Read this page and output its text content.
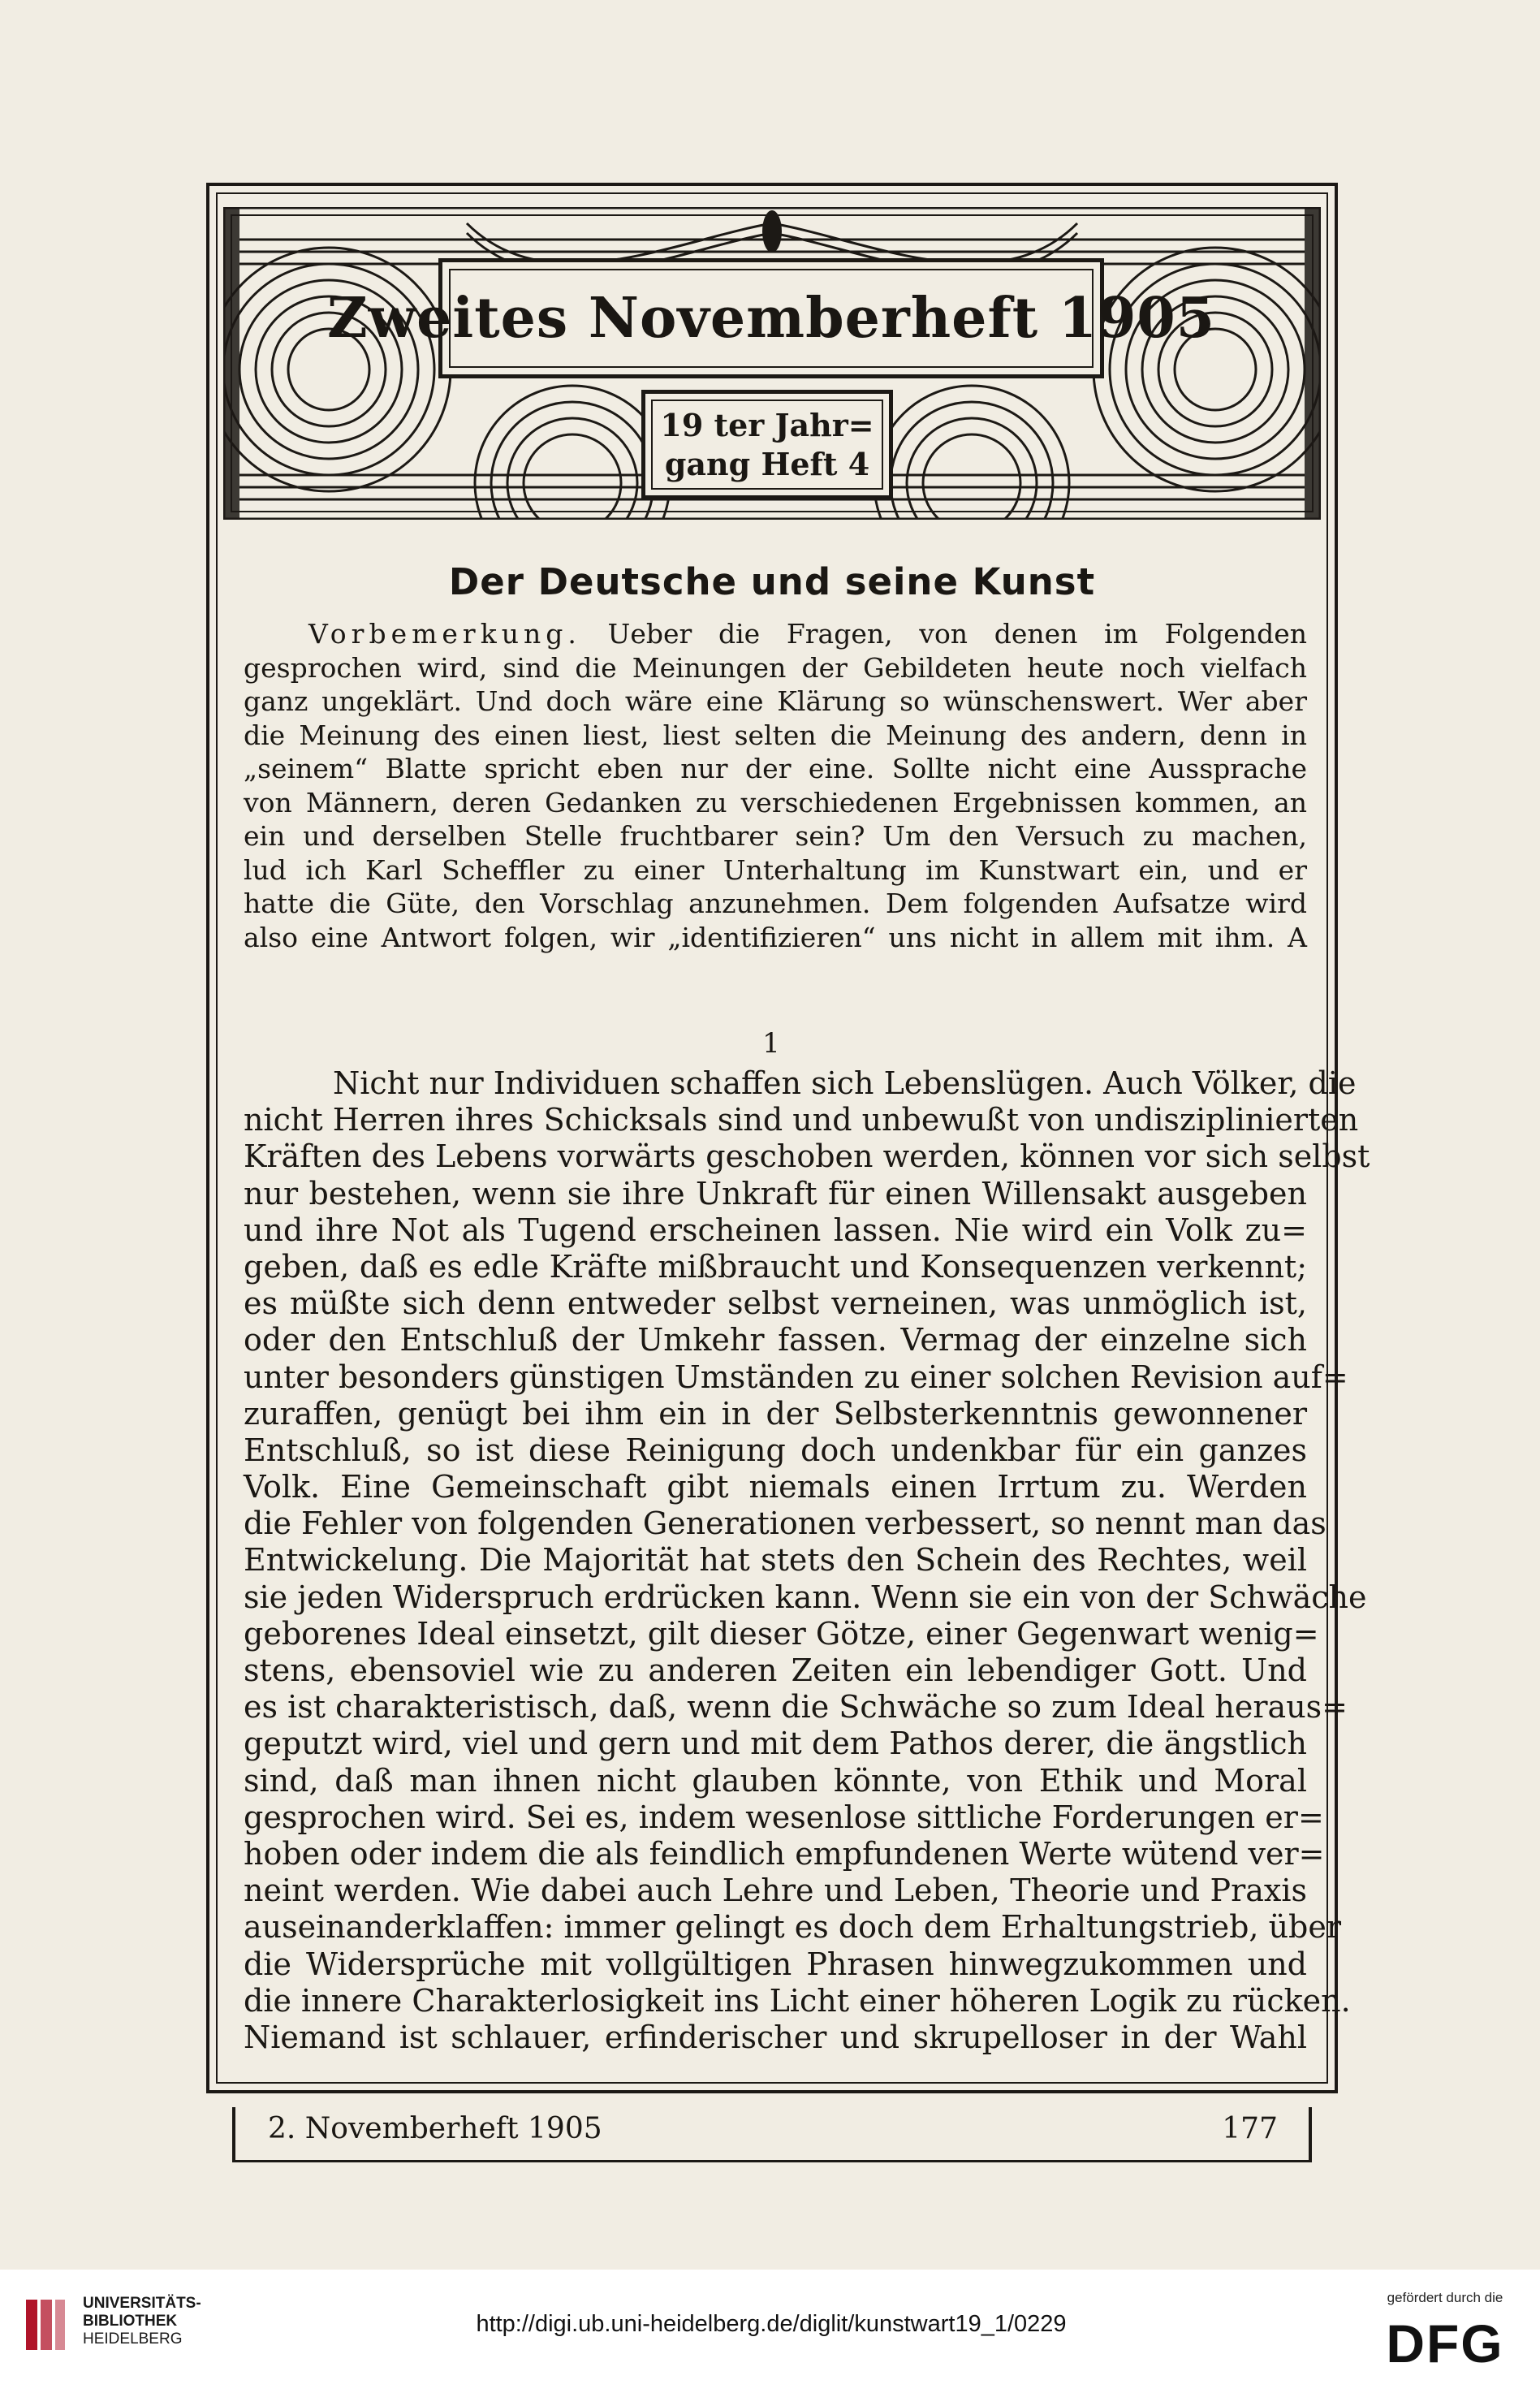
Zweites Novemberheft 1905
19 ter Jahr=
gang Heft 4
Der Deutsche und seine Kunst
Vorbemerkung. Ueber die Fragen, von denen im Folgenden
gesprochen wird, sind die Meinungen der Gebildeten heute noch vielfach
ganz ungeklärt. Und doch wäre eine Klärung so wünschenswert. Wer aber
die Meinung des einen liest, liest selten die Meinung des andern, denn in
„seinem“ Blatte spricht eben nur der eine. Sollte nicht eine Aussprache
von Männern, deren Gedanken zu verschiedenen Ergebnissen kommen, an
ein und derselben Stelle fruchtbarer sein? Um den Versuch zu machen,
lud ich Karl Scheffler zu einer Unterhaltung im Kunstwart ein, und er
hatte die Güte, den Vorschlag anzunehmen. Dem folgenden Aufsatze wird
also eine Antwort folgen, wir „identifizieren“ uns nicht in allem mit ihm. A
1
Nicht nur Individuen schaffen sich Lebenslügen. Auch Völker, die
nicht Herren ihres Schicksals sind und unbewußt von undisziplinierten
Kräften des Lebens vorwärts geschoben werden, können vor sich selbst
nur bestehen, wenn sie ihre Unkraft für einen Willensakt ausgeben
und ihre Not als Tugend erscheinen lassen. Nie wird ein Volk zu=
geben, daß es edle Kräfte mißbraucht und Konsequenzen verkennt;
es müßte sich denn entweder selbst verneinen, was unmöglich ist,
oder den Entschluß der Umkehr fassen. Vermag der einzelne sich
unter besonders günstigen Umständen zu einer solchen Revision auf=
zuraffen, genügt bei ihm ein in der Selbsterkenntnis gewonnener
Entschluß, so ist diese Reinigung doch undenkbar für ein ganzes
Volk. Eine Gemeinschaft gibt niemals einen Irrtum zu. Werden
die Fehler von folgenden Generationen verbessert, so nennt man das
Entwickelung. Die Majorität hat stets den Schein des Rechtes, weil
sie jeden Widerspruch erdrücken kann. Wenn sie ein von der Schwäche
geborenes Ideal einsetzt, gilt dieser Götze, einer Gegenwart wenig=
stens, ebensoviel wie zu anderen Zeiten ein lebendiger Gott. Und
es ist charakteristisch, daß, wenn die Schwäche so zum Ideal heraus=
geputzt wird, viel und gern und mit dem Pathos derer, die ängstlich
sind, daß man ihnen nicht glauben könnte, von Ethik und Moral
gesprochen wird. Sei es, indem wesenlose sittliche Forderungen er=
hoben oder indem die als feindlich empfundenen Werte wütend ver=
neint werden. Wie dabei auch Lehre und Leben, Theorie und Praxis
auseinanderklaffen: immer gelingt es doch dem Erhaltungstrieb, über
die Widersprüche mit vollgültigen Phrasen hinwegzukommen und
die innere Charakterlosigkeit ins Licht einer höheren Logik zu rücken.
Niemand ist schlauer, erfinderischer und skrupelloser in der Wahl
2. Novemberheft 1905	177
UNIVERSITÄTS-
BIBLIOTHEK
HEIDELBERG
http://digi.ub.uni-heidelberg.de/diglit/kunstwart19_1/0229
gefördert durch die
DFG
